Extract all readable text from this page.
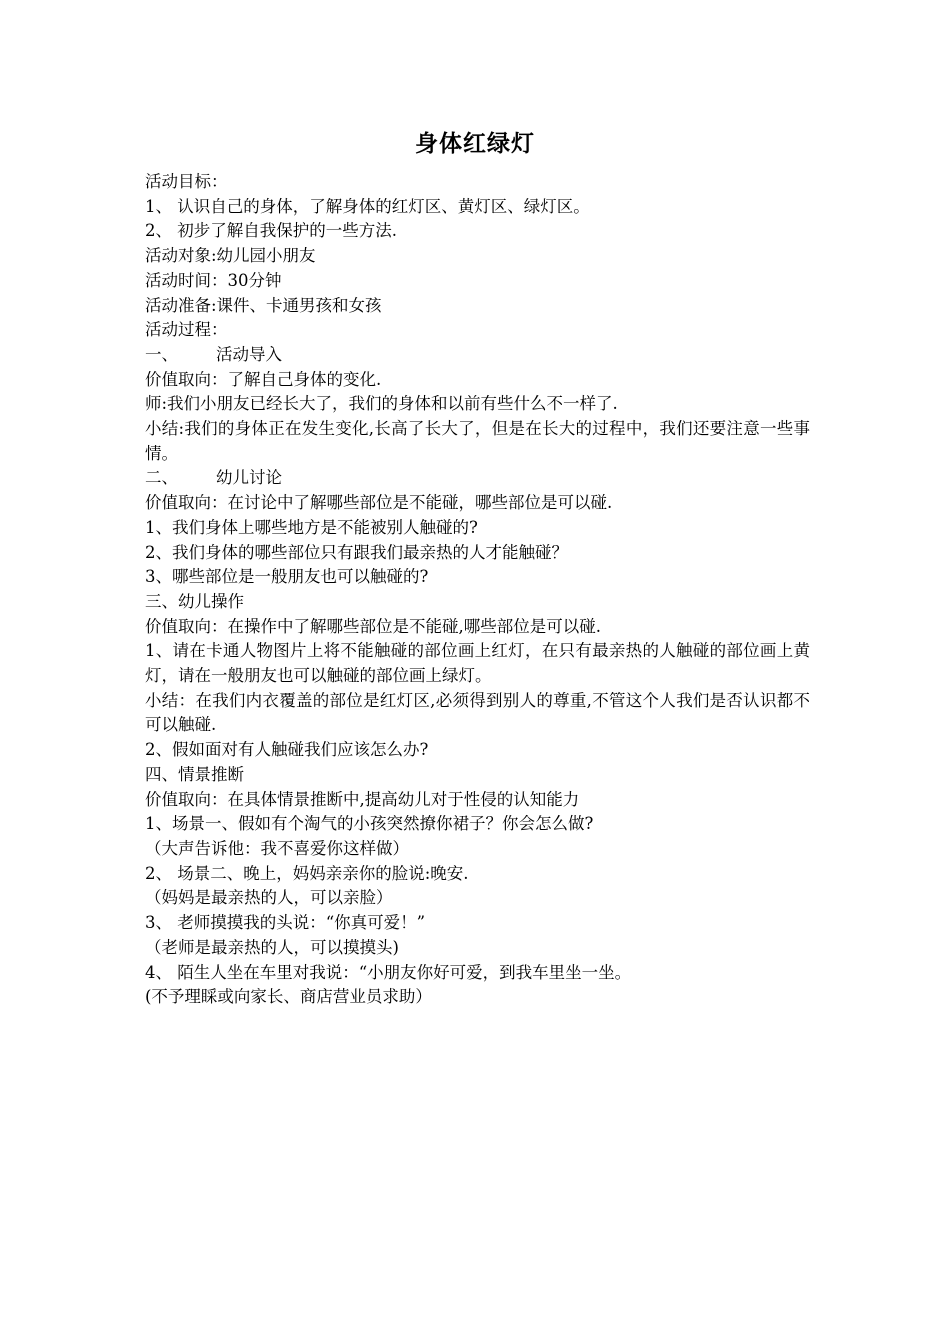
身体红绿灯

活动目标：

1、 认识自己的身体，了解身体的红灯区、黄灯区、绿灯区。

2、 初步了解自我保护的一些方法.

活动对象:幼儿园小朋友

活动时间：30分钟

活动准备:课件、卡通男孩和女孩

活动过程：

一、 活动导入

价值取向：了解自己身体的变化.

师:我们小朋友已经长大了，我们的身体和以前有些什么不一样了.

小结:我们的身体正在发生变化,长高了长大了，但是在长大的过程中，我们还要注意一些事情。

二、 幼儿讨论

价值取向：在讨论中了解哪些部位是不能碰，哪些部位是可以碰.

1、我们身体上哪些地方是不能被别人触碰的?

2、我们身体的哪些部位只有跟我们最亲热的人才能触碰？

3、哪些部位是一般朋友也可以触碰的?

三、幼儿操作

价值取向：在操作中了解哪些部位是不能碰,哪些部位是可以碰.

1、请在卡通人物图片上将不能触碰的部位画上红灯，在只有最亲热的人触碰的部位画上黄灯，请在一般朋友也可以触碰的部位画上绿灯。

小结：在我们内衣覆盖的部位是红灯区,必须得到别人的尊重,不管这个人我们是否认识都不可以触碰.

2、假如面对有人触碰我们应该怎么办?

四、情景推断

价值取向：在具体情景推断中,提高幼儿对于性侵的认知能力

1、场景一、假如有个淘气的小孩突然撩你裙子？你会怎么做?

（大声告诉他：我不喜爱你这样做）

2、 场景二、晚上，妈妈亲亲你的脸说:晚安.

（妈妈是最亲热的人，可以亲脸）

3、 老师摸摸我的头说：“你真可爱！”

（老师是最亲热的人，可以摸摸头)

4、 陌生人坐在车里对我说：“小朋友你好可爱，到我车里坐一坐。

(不予理睬或向家长、商店营业员求助）
